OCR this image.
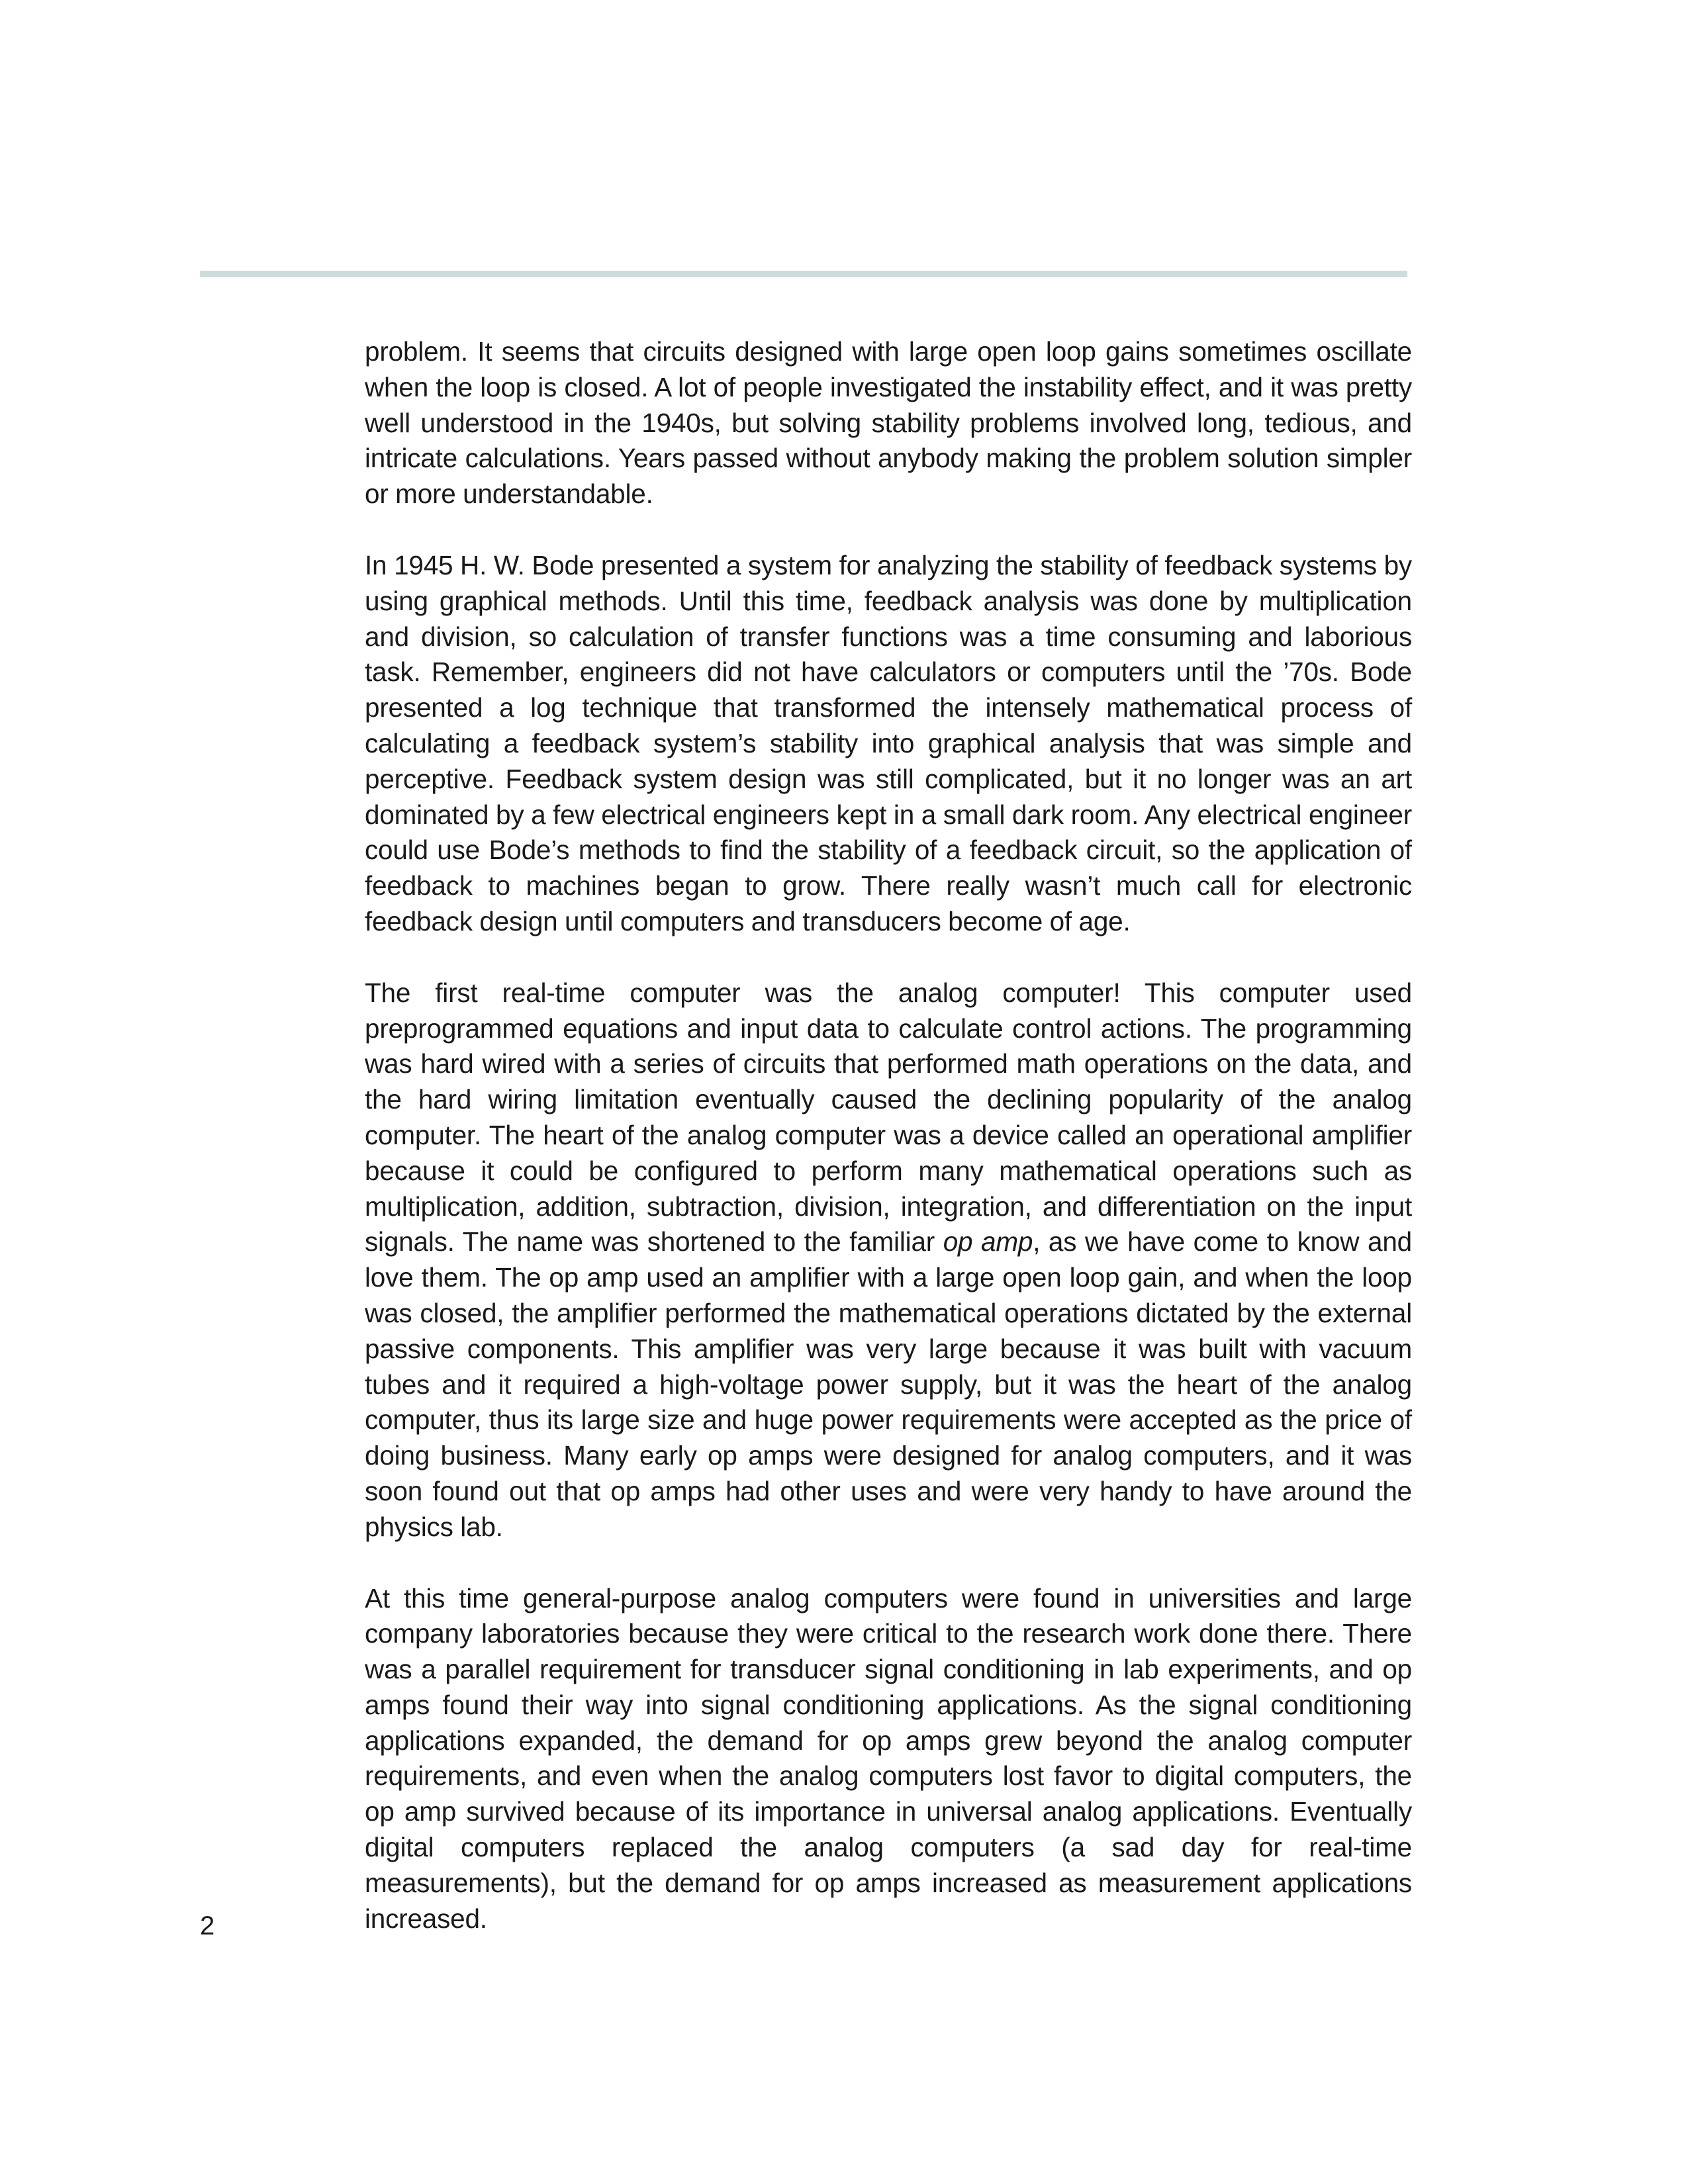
problem. It seems that circuits designed with large open loop gains sometimes oscillate when the loop is closed. A lot of people investigated the instability effect, and it was pretty well understood in the 1940s, but solving stability problems involved long, tedious, and intricate calculations. Years passed without anybody making the problem solution simpler or more understandable.

In 1945 H. W. Bode presented a system for analyzing the stability of feedback systems by using graphical methods. Until this time, feedback analysis was done by multiplication and division, so calculation of transfer functions was a time consuming and laborious task. Remember, engineers did not have calculators or computers until the ’70s. Bode presented a log technique that transformed the intensely mathematical process of calculating a feedback system’s stability into graphical analysis that was simple and perceptive. Feedback system design was still complicated, but it no longer was an art dominated by a few electrical engineers kept in a small dark room. Any electrical engineer could use Bode’s methods to find the stability of a feedback circuit, so the application of feedback to machines began to grow. There really wasn’t much call for electronic feedback design until computers and transducers become of age.

The first real-time computer was the analog computer! This computer used preprogrammed equations and input data to calculate control actions. The programming was hard wired with a series of circuits that performed math operations on the data, and the hard wiring limitation eventually caused the declining popularity of the analog computer. The heart of the analog computer was a device called an operational amplifier because it could be configured to perform many mathematical operations such as multiplication, addition, subtraction, division, integration, and differentiation on the input signals. The name was shortened to the familiar op amp, as we have come to know and love them. The op amp used an amplifier with a large open loop gain, and when the loop was closed, the amplifier performed the mathematical operations dictated by the external passive components. This amplifier was very large because it was built with vacuum tubes and it required a high-voltage power supply, but it was the heart of the analog computer, thus its large size and huge power requirements were accepted as the price of doing business. Many early op amps were designed for analog computers, and it was soon found out that op amps had other uses and were very handy to have around the physics lab.

At this time general-purpose analog computers were found in universities and large company laboratories because they were critical to the research work done there. There was a parallel requirement for transducer signal conditioning in lab experiments, and op amps found their way into signal conditioning applications. As the signal conditioning applications expanded, the demand for op amps grew beyond the analog computer requirements, and even when the analog computers lost favor to digital computers, the op amp survived because of its importance in universal analog applications. Eventually digital computers replaced the analog computers (a sad day for real-time measurements), but the demand for op amps increased as measurement applications increased.

2
